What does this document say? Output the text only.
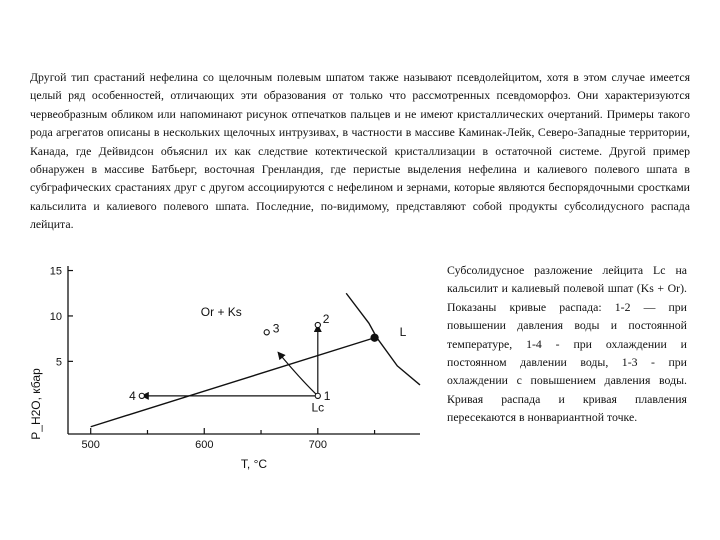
Другой тип срастаний нефелина со щелочным полевым шпатом также называют псевдолейцитом, хотя в этом случае имеется целый ряд особенностей, отличающих эти образования от только что рассмотренных псевдоморфоз. Они характеризуются червеобразным обликом или напоминают рисунок отпечатков пальцев и не имеют кристаллических очертаний. Примеры такого рода агрегатов описаны в нескольких щелочных интрузивах, в частности в массиве Каминак-Лейк, Северо-Западные территории, Канада, где Дейвидсон объяснил их как следствие котектической кристаллизации в остаточной системе. Другой пример обнаружен в массиве Батбьерг, восточная Гренландия, где перистые выделения нефелина и калиевого полевого шпата в субграфических срастаниях друг с другом ассоциируются с нефелином и зернами, которые являются беспорядочными сростками кальсилита и калиевого полевого шпата. Последние, по-видимому, представляют собой продукты субсолидусного распада лейцита.

5
10
15
500	600	700
1
2
3
4
Or + Ks
Lc
L
P_H2O, кбар
T, °C

Субсолидусное разложение лейцита Lc на кальсилит и калиевый полевой шпат (Ks + Or). Показаны кривые распада: 1-2 — при повышении давления воды и постоянной температуре, 1-4 - при охлаждении и постоянном давлении воды, 1-3 - при охлаждении с повышением давления воды. Кривая распада и кривая плавления пересекаются в нонвариантной точке.
